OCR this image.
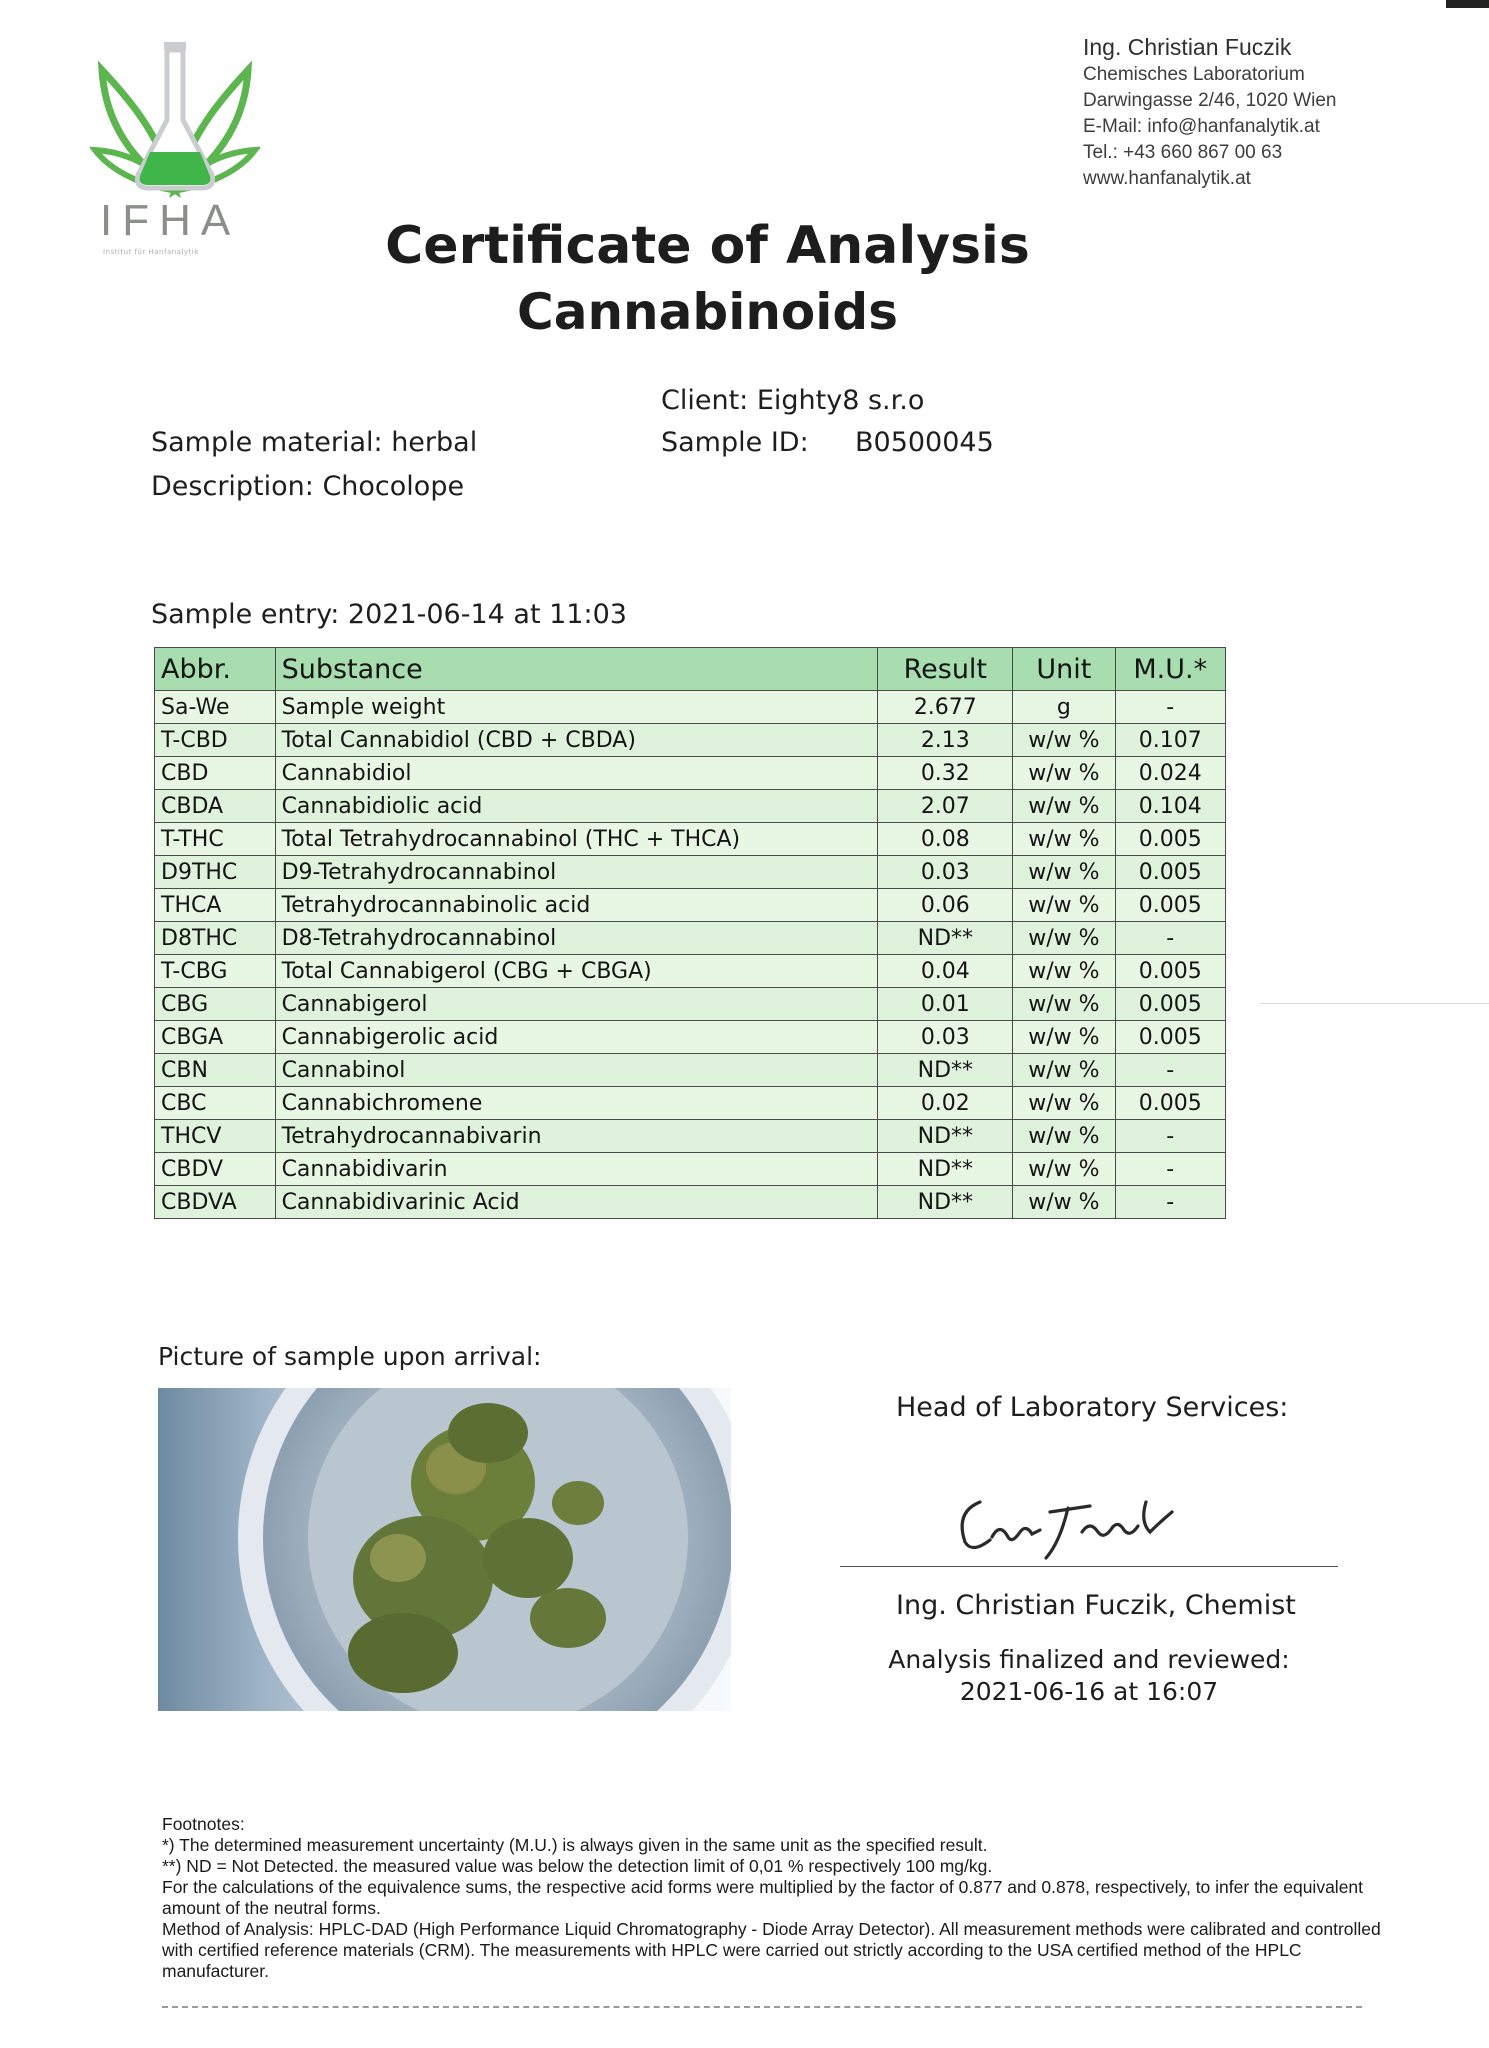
IFHA
Institut für Hanfanalytik
Ing. Christian Fuczik
Chemisches Laboratorium
Darwingasse 2/46, 1020 Wien
E-Mail: info@hanfanalytik.at
Tel.: +43 660 867 00 63
www.hanfanalytik.at
Certificate of Analysis
Cannabinoids
Client: Eighty8 s.r.o
Sample ID: B0500045
Sample material: herbal
Description: Chocolope
Sample entry: 2021-06-14 at 11:03
Abbr.	Substance	Result	Unit	M.U.*
Sa-We	Sample weight	2.677	g	-
T-CBD	Total Cannabidiol (CBD + CBDA)	2.13	w/w %	0.107
CBD	Cannabidiol	0.32	w/w %	0.024
CBDA	Cannabidiolic acid	2.07	w/w %	0.104
T-THC	Total Tetrahydrocannabinol (THC + THCA)	0.08	w/w %	0.005
D9THC	D9-Tetrahydrocannabinol	0.03	w/w %	0.005
THCA	Tetrahydrocannabinolic acid	0.06	w/w %	0.005
D8THC	D8-Tetrahydrocannabinol	ND**	w/w %	-
T-CBG	Total Cannabigerol (CBG + CBGA)	0.04	w/w %	0.005
CBG	Cannabigerol	0.01	w/w %	0.005
CBGA	Cannabigerolic acid	0.03	w/w %	0.005
CBN	Cannabinol	ND**	w/w %	-
CBC	Cannabichromene	0.02	w/w %	0.005
THCV	Tetrahydrocannabivarin	ND**	w/w %	-
CBDV	Cannabidivarin	ND**	w/w %	-
CBDVA	Cannabidivarinic Acid	ND**	w/w %	-
Picture of sample upon arrival:
Head of Laboratory Services:
Ing. Christian Fuczik, Chemist
Analysis finalized and reviewed:
2021-06-16 at 16:07
Footnotes:
*) The determined measurement uncertainty (M.U.) is always given in the same unit as the specified result.
**) ND = Not Detected. the measured value was below the detection limit of 0,01 % respectively 100 mg/kg.
For the calculations of the equivalence sums, the respective acid forms were multiplied by the factor of 0.877 and 0.878, respectively, to infer the equivalent amount of the neutral forms.
Method of Analysis: HPLC-DAD (High Performance Liquid Chromatography - Diode Array Detector). All measurement methods were calibrated and controlled with certified reference materials (CRM). The measurements with HPLC were carried out strictly according to the USA certified method of the HPLC manufacturer.
